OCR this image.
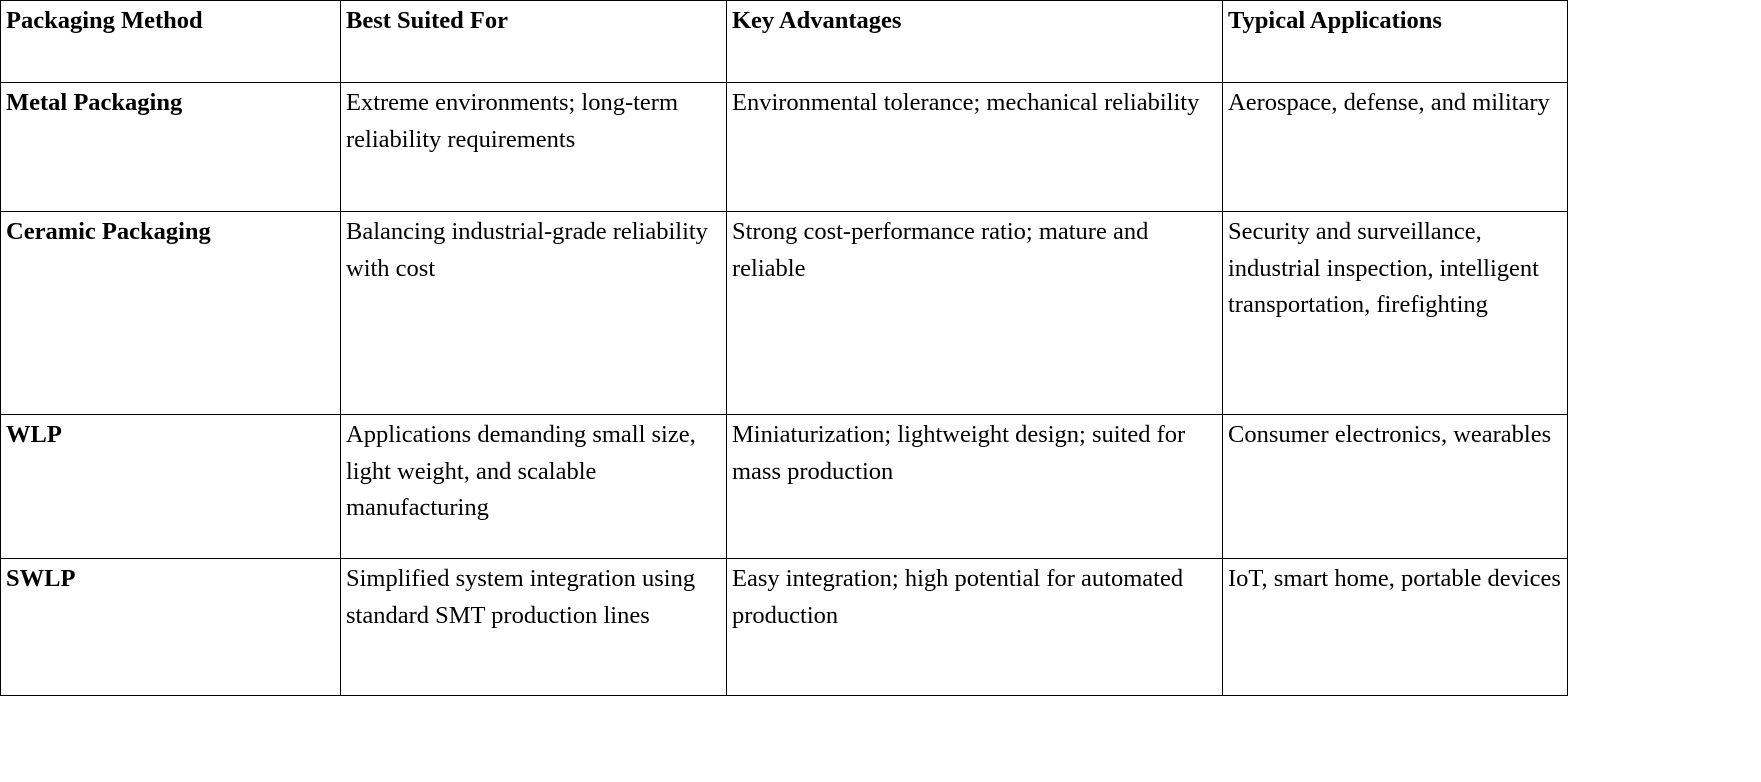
Packaging Method	Best Suited For	Key Advantages	Typical Applications
Metal Packaging	Extreme environments; long-term reliability requirements	Environmental tolerance; mechanical reliability	Aerospace, defense, and military
Ceramic Packaging	Balancing industrial-grade reliability with cost	Strong cost-performance ratio; mature and reliable	Security and surveillance, industrial inspection, intelligent transportation, firefighting
WLP	Applications demanding small size, light weight, and scalable manufacturing	Miniaturization; lightweight design; suited for mass production	Consumer electronics, wearables
SWLP	Simplified system integration using standard SMT production lines	Easy integration; high potential for automated production	IoT, smart home, portable devices
